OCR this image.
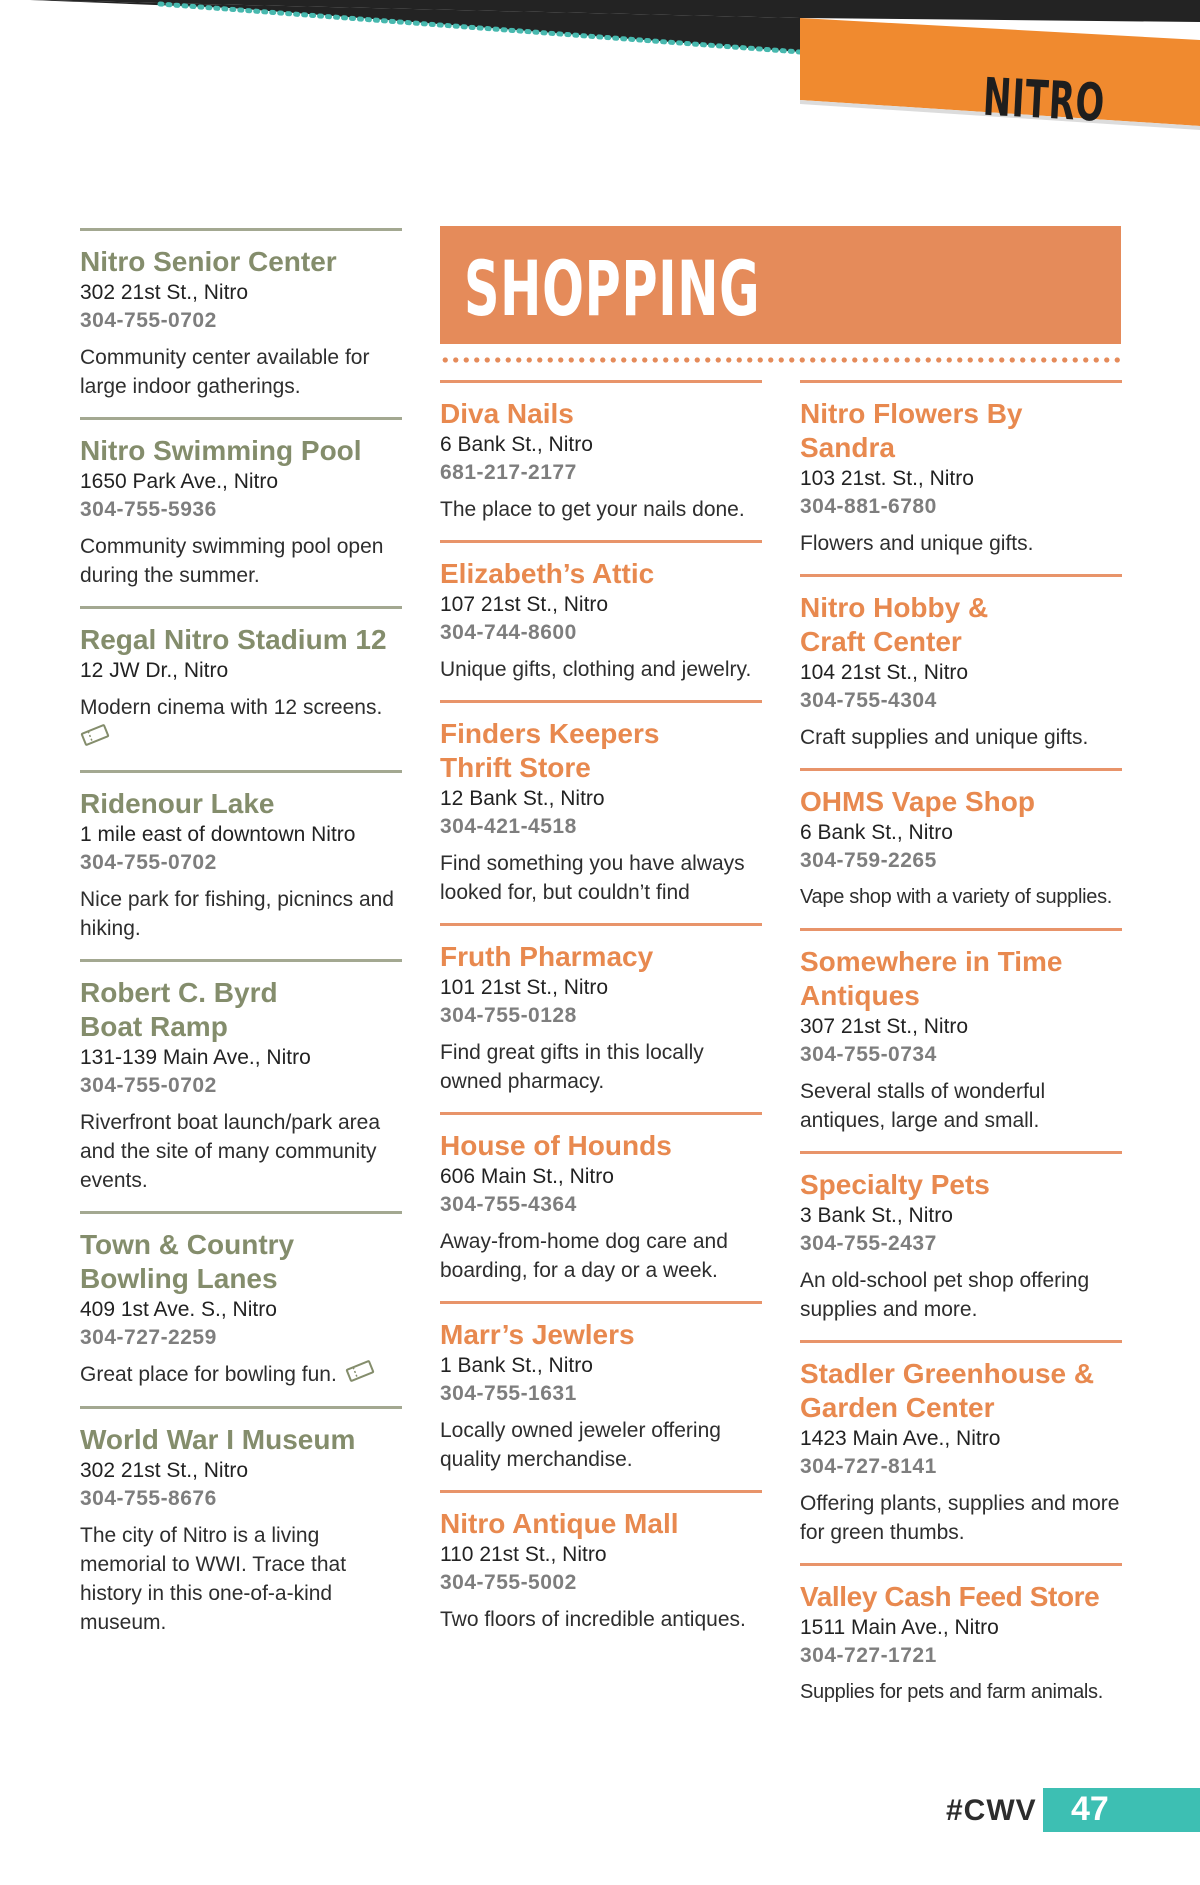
NITRO
Nitro Senior Center
302 21st St., Nitro
304-755-0702
Community center available for large indoor gatherings.
Nitro Swimming Pool
1650 Park Ave., Nitro
304-755-5936
Community swimming pool open during the summer.
Regal Nitro Stadium 12
12 JW Dr., Nitro
Modern cinema with 12 screens.
Ridenour Lake
1 mile east of downtown Nitro
304-755-0702
Nice park for fishing, picnincs and hiking.
Robert C. Byrd Boat Ramp
131-139 Main Ave., Nitro
304-755-0702
Riverfront boat launch/park area and the site of many community events.
Town & Country Bowling Lanes
409 1st Ave. S., Nitro
304-727-2259
Great place for bowling fun.
World War I Museum
302 21st St., Nitro
304-755-8676
The city of Nitro is a living memorial to WWI. Trace that history in this one-of-a-kind museum.
SHOPPING
Diva Nails
6 Bank St., Nitro
681-217-2177
The place to get your nails done.
Elizabeth’s Attic
107 21st St., Nitro
304-744-8600
Unique gifts, clothing and jewelry.
Finders Keepers Thrift Store
12 Bank St., Nitro
304-421-4518
Find something you have always looked for, but couldn’t find
Fruth Pharmacy
101 21st St., Nitro
304-755-0128
Find great gifts in this locally owned pharmacy.
House of Hounds
606 Main St., Nitro
304-755-4364
Away-from-home dog care and boarding, for a day or a week.
Marr’s Jewlers
1 Bank St., Nitro
304-755-1631
Locally owned jeweler offering quality merchandise.
Nitro Antique Mall
110 21st St., Nitro
304-755-5002
Two floors of incredible antiques.
Nitro Flowers By Sandra
103 21st. St., Nitro
304-881-6780
Flowers and unique gifts.
Nitro Hobby & Craft Center
104 21st St., Nitro
304-755-4304
Craft supplies and unique gifts.
OHMS Vape Shop
6 Bank St., Nitro
304-759-2265
Vape shop with a variety of supplies.
Somewhere in Time Antiques
307 21st St., Nitro
304-755-0734
Several stalls of wonderful antiques, large and small.
Specialty Pets
3 Bank St., Nitro
304-755-2437
An old-school pet shop offering supplies and more.
Stadler Greenhouse & Garden Center
1423 Main Ave., Nitro
304-727-8141
Offering plants, supplies and more for green thumbs.
Valley Cash Feed Store
1511 Main Ave., Nitro
304-727-1721
Supplies for pets and farm animals.
#CWV 47
